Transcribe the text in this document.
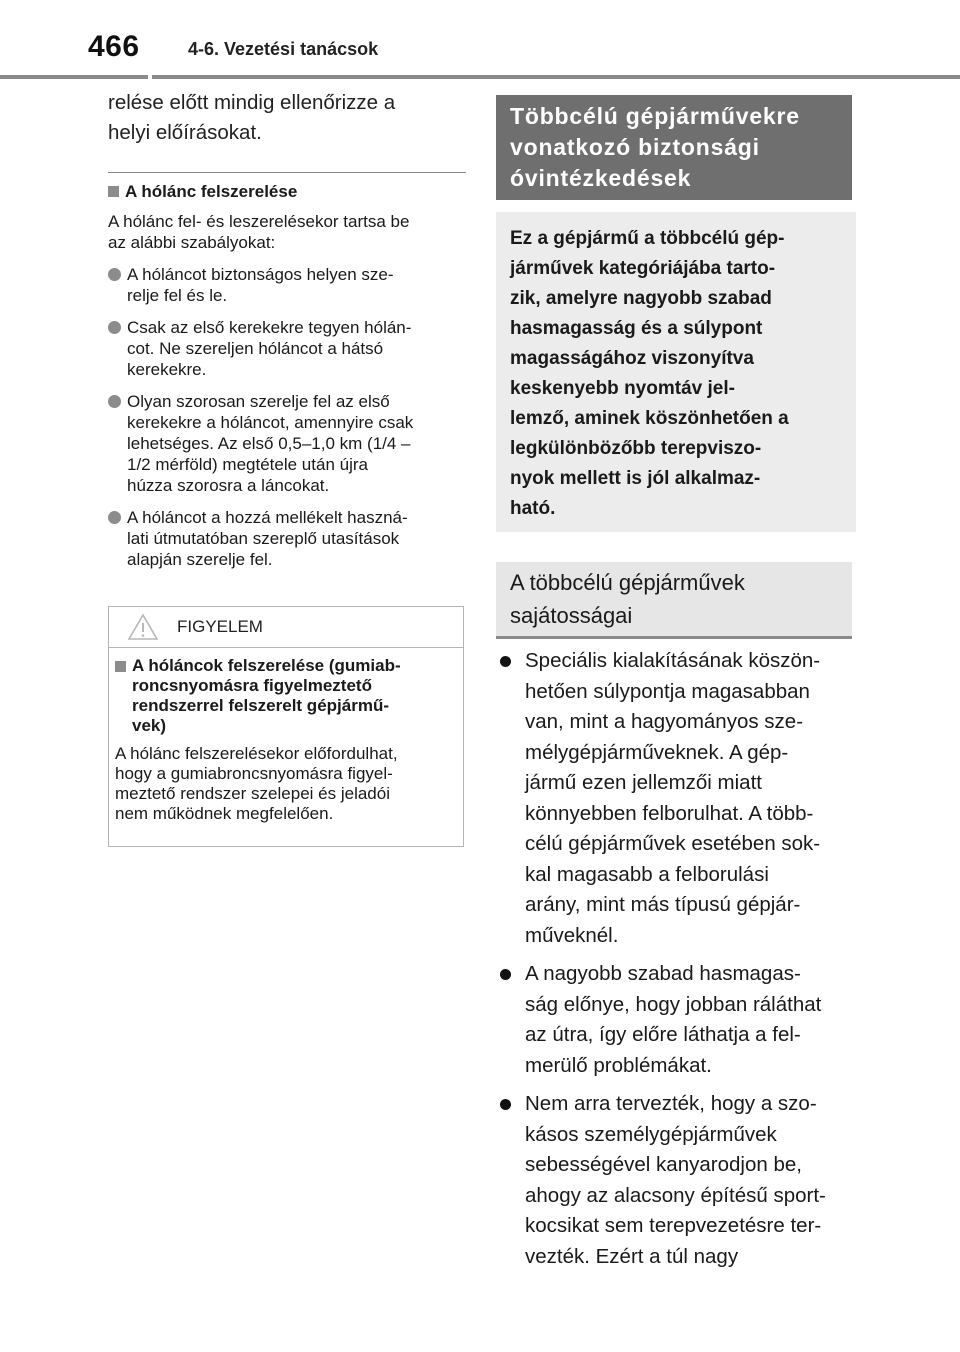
466	4-6. Vezetési tanácsok

relése előtt mindig ellenőrizze a
helyi előírásokat.

A hólánc felszerelése

A hólánc fel- és leszerelésekor tartsa be
az alábbi szabályokat:

A hóláncot biztonságos helyen sze-
relje fel és le.
Csak az első kerekekre tegyen hólán-
cot. Ne szereljen hóláncot a hátsó
kerekekre.
Olyan szorosan szerelje fel az első
kerekekre a hóláncot, amennyire csak
lehetséges. Az első 0,5–1,0 km (1/4 –
1/2 mérföld) megtétele után újra
húzza szorosra a láncokat.
A hóláncot a hozzá mellékelt haszná-
lati útmutatóban szereplő utasítások
alapján szerelje fel.
FIGYELEM
A hóláncok felszerelése (gumiab-
roncsnyomásra figyelmeztető
rendszerrel felszerelt gépjármű-
vek)
A hólánc felszerelésekor előfordulhat,
hogy a gumiabroncsnyomásra figyel-
meztető rendszer szelepei és jeladói
nem működnek megfelelően.
Többcélú gépjárművekre
vonatkozó biztonsági
óvintézkedések
Ez a gépjármű a többcélú gép-
járművek kategóriájába tarto-
zik, amelyre nagyobb szabad
hasmagasság és a súlypont
magasságához viszonyítva
keskenyebb nyomtáv jel-
lemző, aminek köszönhetően a
legkülönbözőbb terepviszo-
nyok mellett is jól alkalmaz-
ható.
A többcélú gépjárművek
sajátosságai
Speciális kialakításának köszön-
hetően súlypontja magasabban
van, mint a hagyományos sze-
mélygépjárműveknek. A gép-
jármű ezen jellemzői miatt
könnyebben felborulhat. A több-
célú gépjárművek esetében sok-
kal magasabb a felborulási
arány, mint más típusú gépjár-
műveknél.
A nagyobb szabad hasmagas-
ság előnye, hogy jobban ráláthat
az útra, így előre láthatja a fel-
merülő problémákat.
Nem arra tervezték, hogy a szo-
kásos személygépjárművek
sebességével kanyarodjon be,
ahogy az alacsony építésű sport-
kocsikat sem terepvezetésre ter-
vezték. Ezért a túl nagy
